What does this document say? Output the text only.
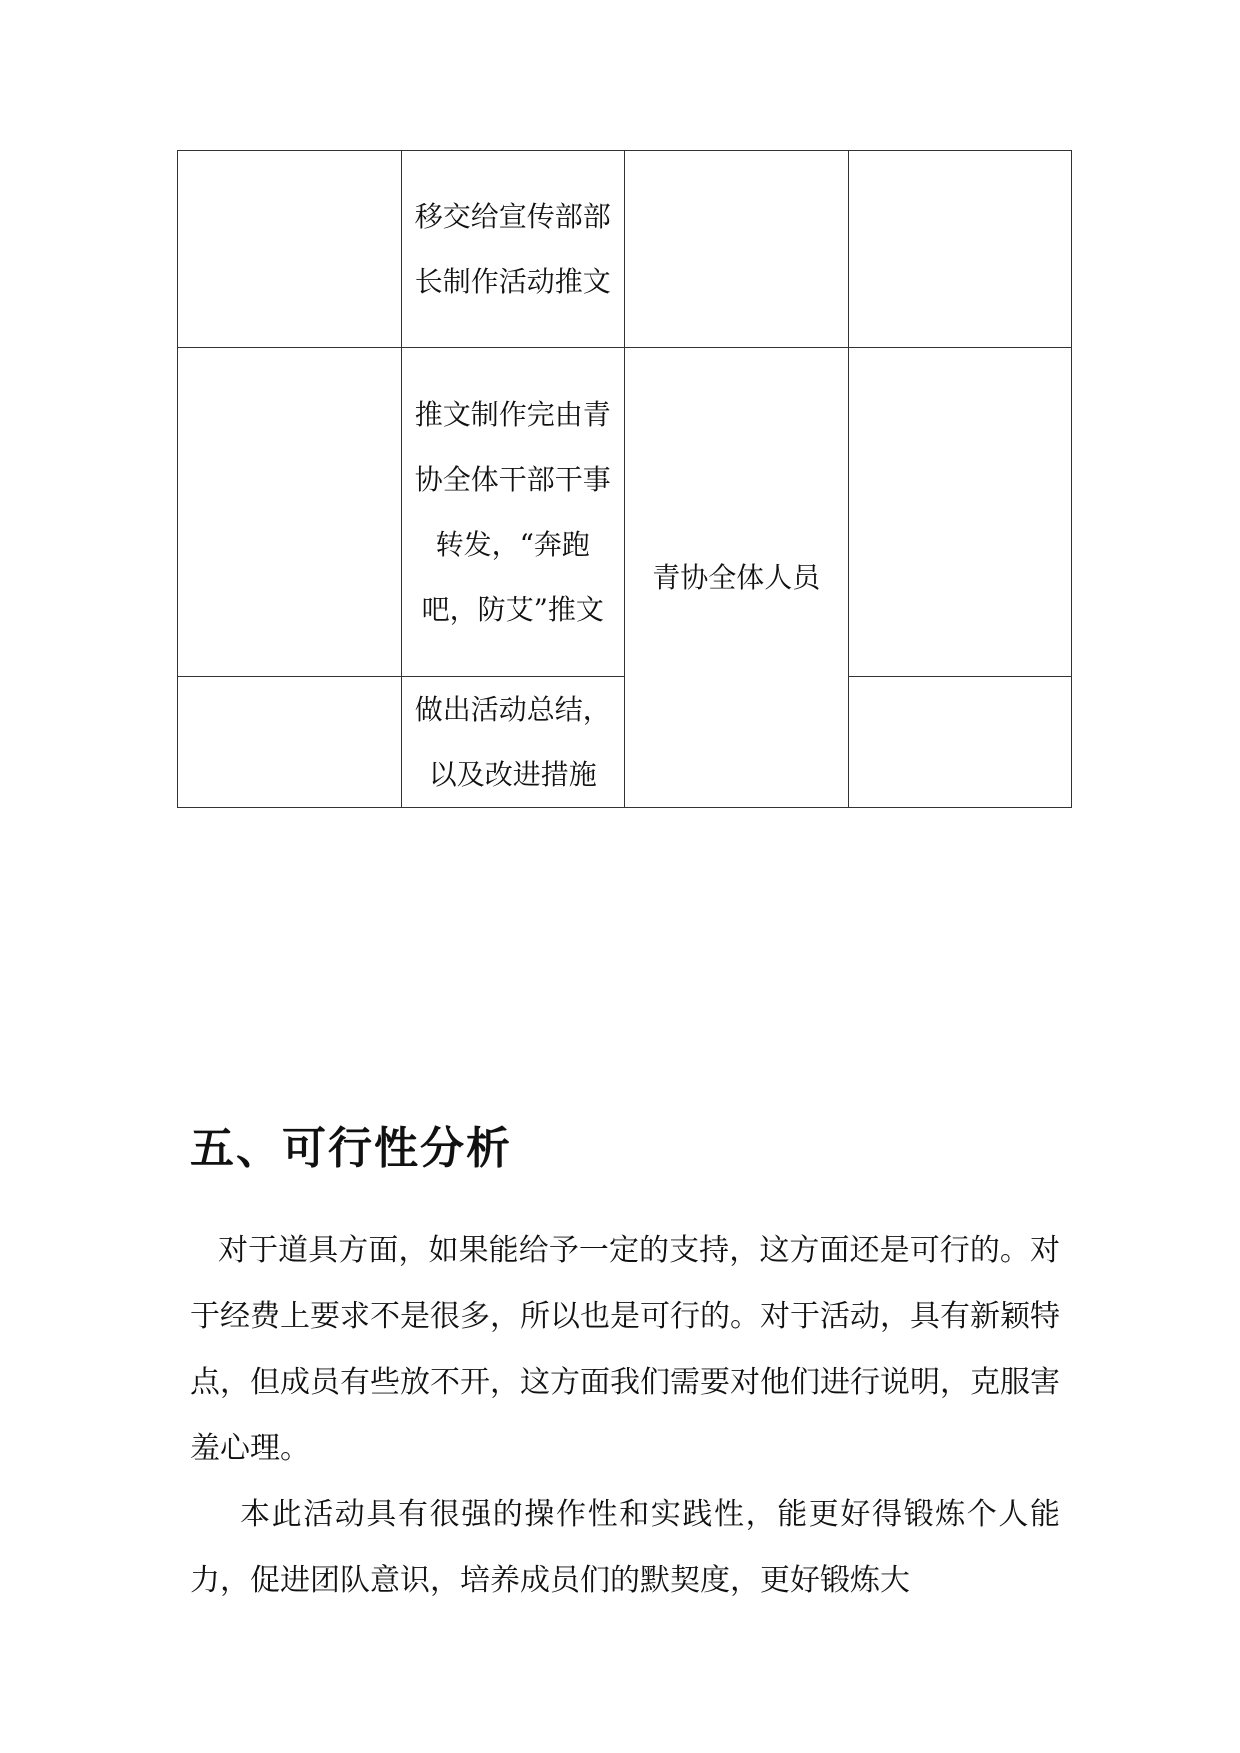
	移交给宣传部部长制作活动推文		
	推文制作完由青协全体干部干事转发，“奔跑吧，防艾”推文	青协全体人员	
	做出活动总结，以及改进措施		
五、可行性分析

对于道具方面，如果能给予一定的支持，这方面还是可行的。对于经费上要求不是很多，所以也是可行的。对于活动，具有新颖特点，但成员有些放不开，这方面我们需要对他们进行说明，克服害羞心理。

本此活动具有很强的操作性和实践性，能更好得锻炼个人能力，促进团队意识，培养成员们的默契度，更好锻炼大
